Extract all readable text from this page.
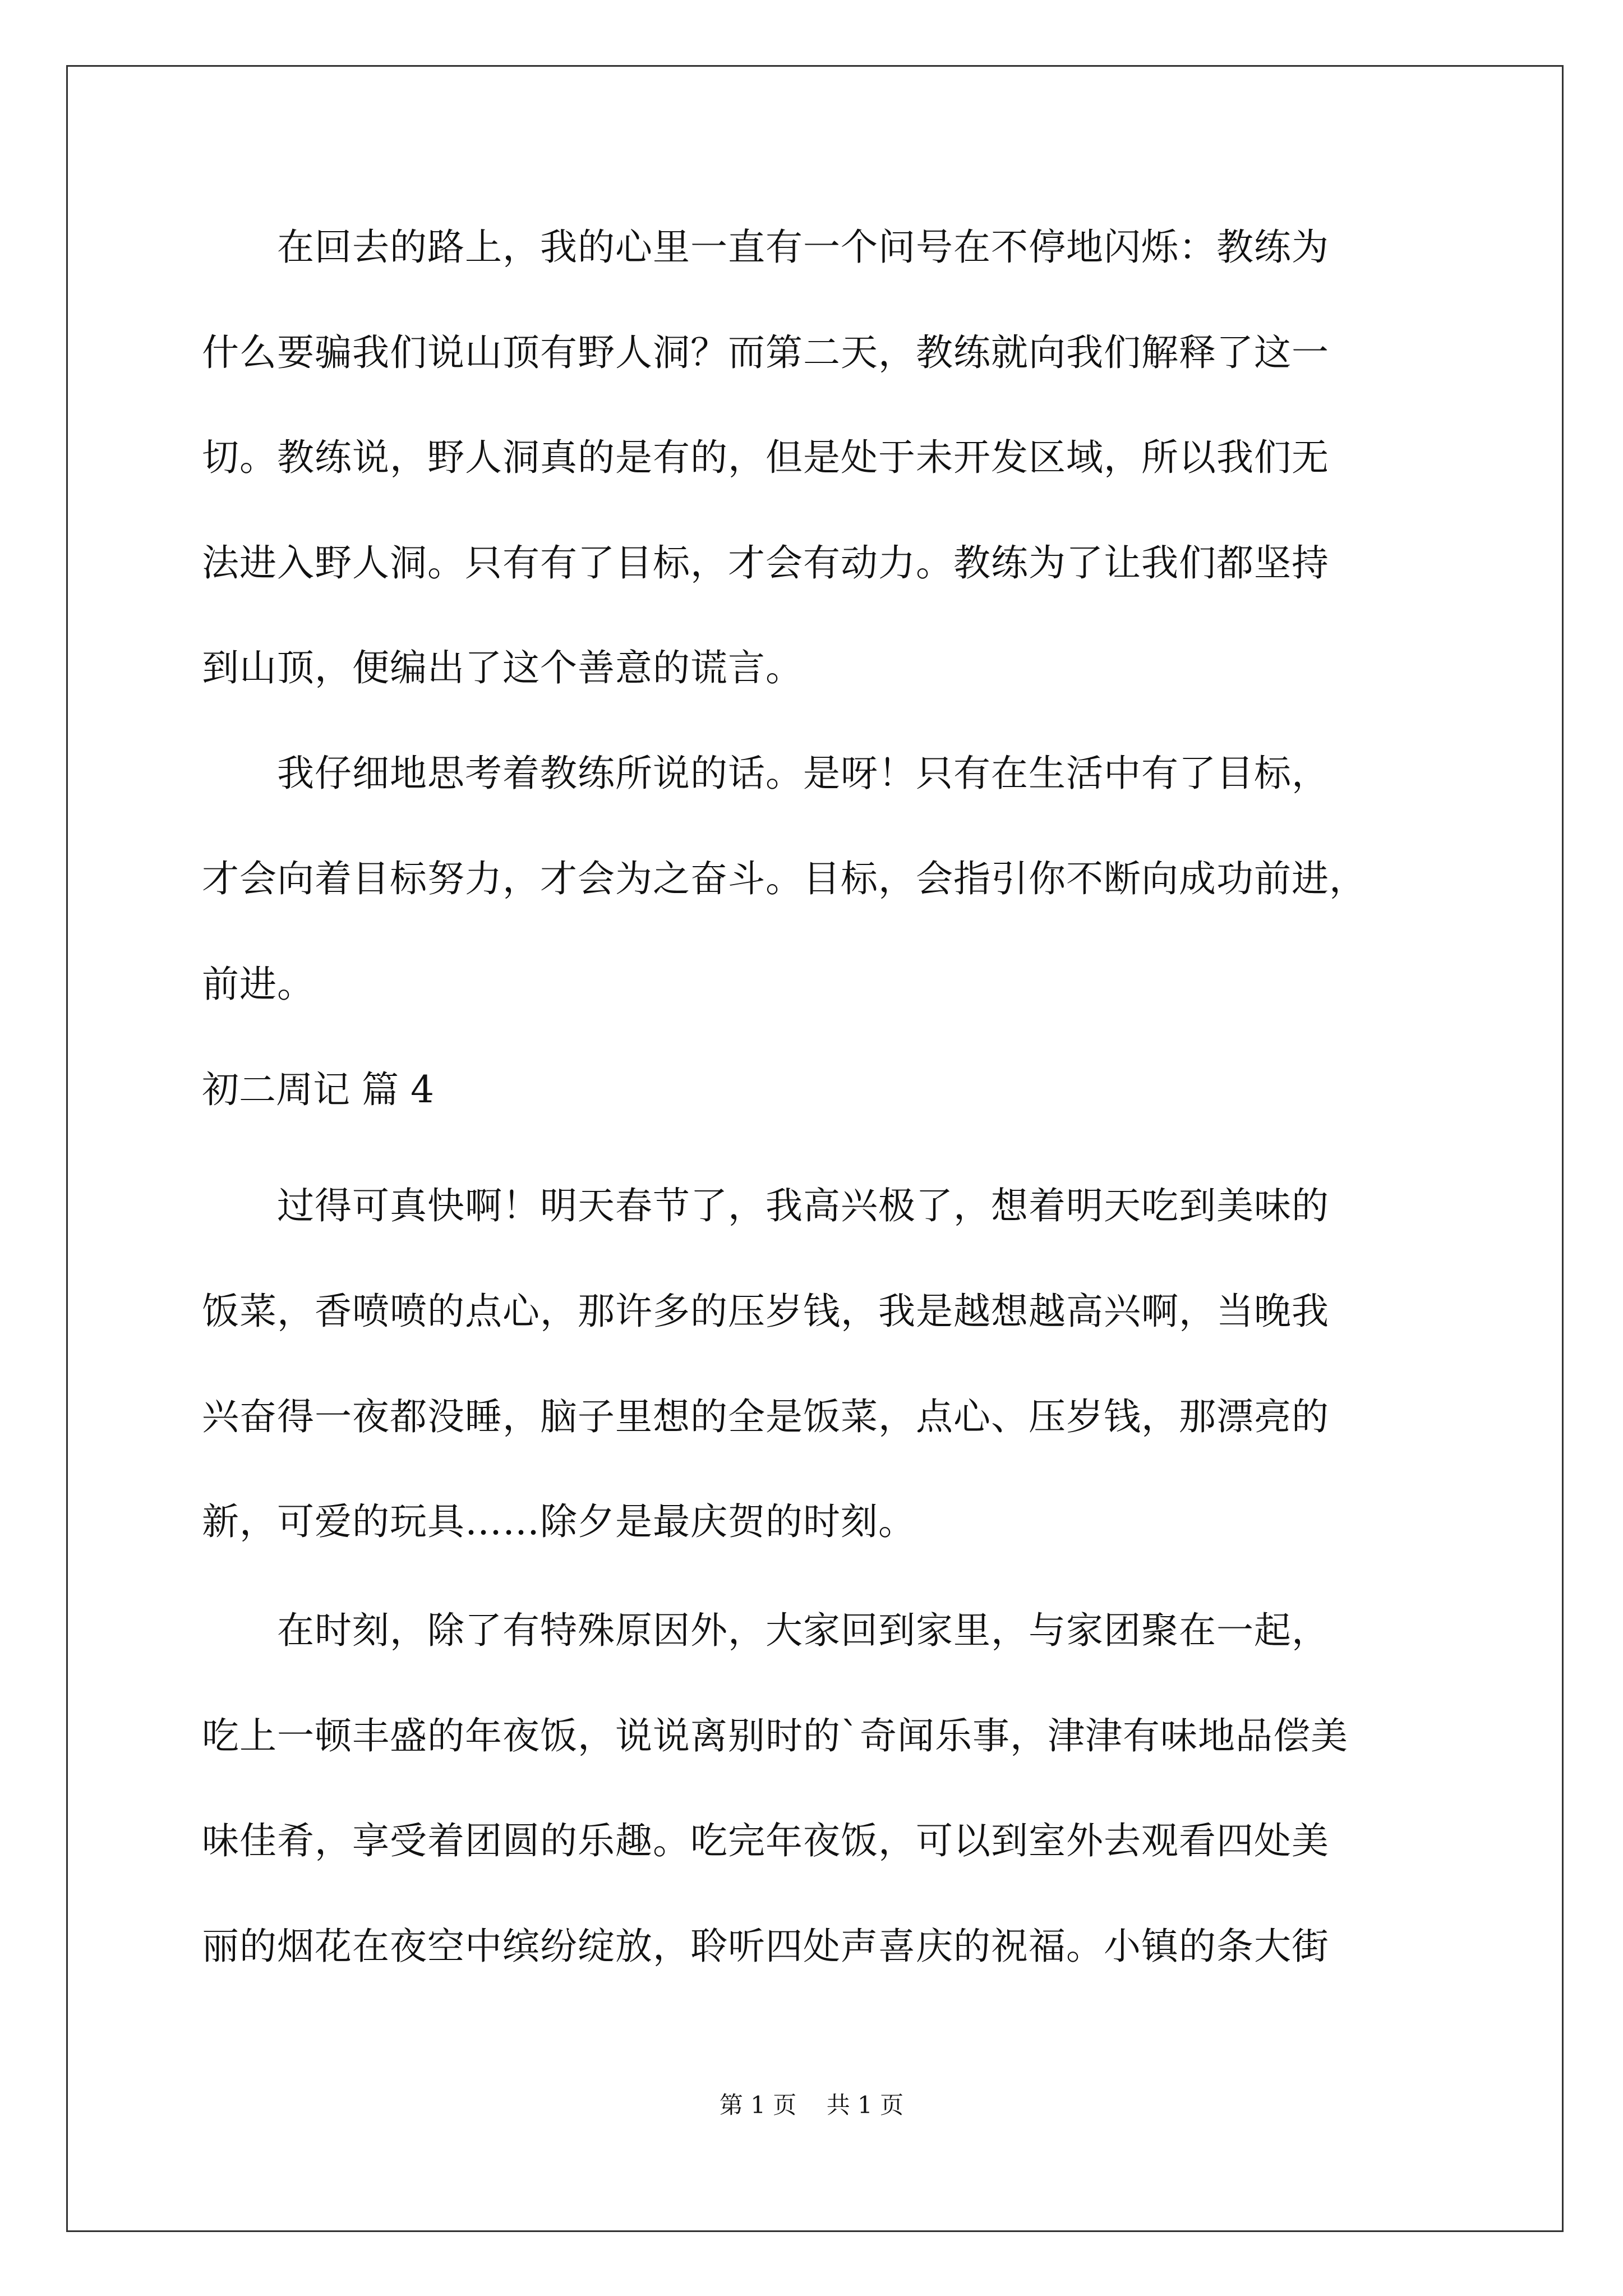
　　在回去的路上，我的心里一直有一个问号在不停地闪烁：教练为
什么要骗我们说山顶有野人洞？而第二天，教练就向我们解释了这一
切。教练说，野人洞真的是有的，但是处于未开发区域，所以我们无
法进入野人洞。只有有了目标，才会有动力。教练为了让我们都坚持
到山顶，便编出了这个善意的谎言。
　　我仔细地思考着教练所说的话。是呀！只有在生活中有了目标，
才会向着目标努力，才会为之奋斗。目标，会指引你不断向成功前进，
前进。
初二周记 篇 4
　　过得可真快啊！明天春节了，我高兴极了，想着明天吃到美味的
饭菜，香喷喷的点心，那许多的压岁钱，我是越想越高兴啊，当晚我
兴奋得一夜都没睡，脑子里想的全是饭菜，点心、压岁钱，那漂亮的
新，可爱的玩具……除夕是最庆贺的时刻。
　　在时刻，除了有特殊原因外，大家回到家里，与家团聚在一起，
吃上一顿丰盛的年夜饭，说说离别时的`奇闻乐事，津津有味地品偿美
味佳肴，享受着团圆的乐趣。吃完年夜饭，可以到室外去观看四处美
丽的烟花在夜空中缤纷绽放，聆听四处声喜庆的祝福。小镇的条大街
第 1 页    共 1 页
